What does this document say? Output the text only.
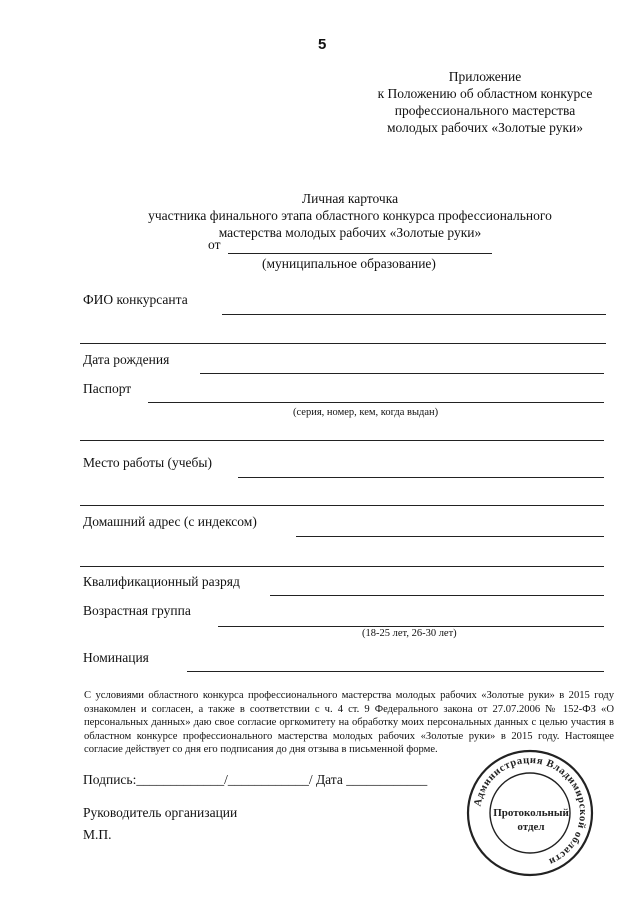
5
Приложение
к Положению об областном конкурсе
профессионального мастерства
молодых рабочих «Золотые руки»
Личная карточка
участника финального этапа областного конкурса профессионального
мастерства молодых рабочих «Золотые руки»
от
(муниципальное образование)
ФИО конкурсанта
Дата рождения
Паспорт
(серия, номер, кем, когда выдан)
Место работы (учебы)
Домашний адрес (с индексом)
Квалификационный разряд
Возрастная группа
(18-25 лет, 26-30 лет)
Номинация
С условиями областного конкурса профессионального мастерства молодых рабочих «Золотые руки» в 2015 году ознакомлен и согласен, а также в соответствии с ч. 4 ст. 9 Федерального закона от 27.07.2006 № 152-ФЗ «О персональных данных» даю свое согласие оргкомитету на обработку моих персональных данных с целью участия в областном конкурсе профессионального мастерства молодых рабочих «Золотые руки» в 2015 году. Настоящее согласие действует со дня его подписания до дня отзыва в письменной форме.
Подпись:_____________/____________/ Дата ____________
Руководитель организации
М.П.
Администрация Владимирской области
Протокольный
отдел
